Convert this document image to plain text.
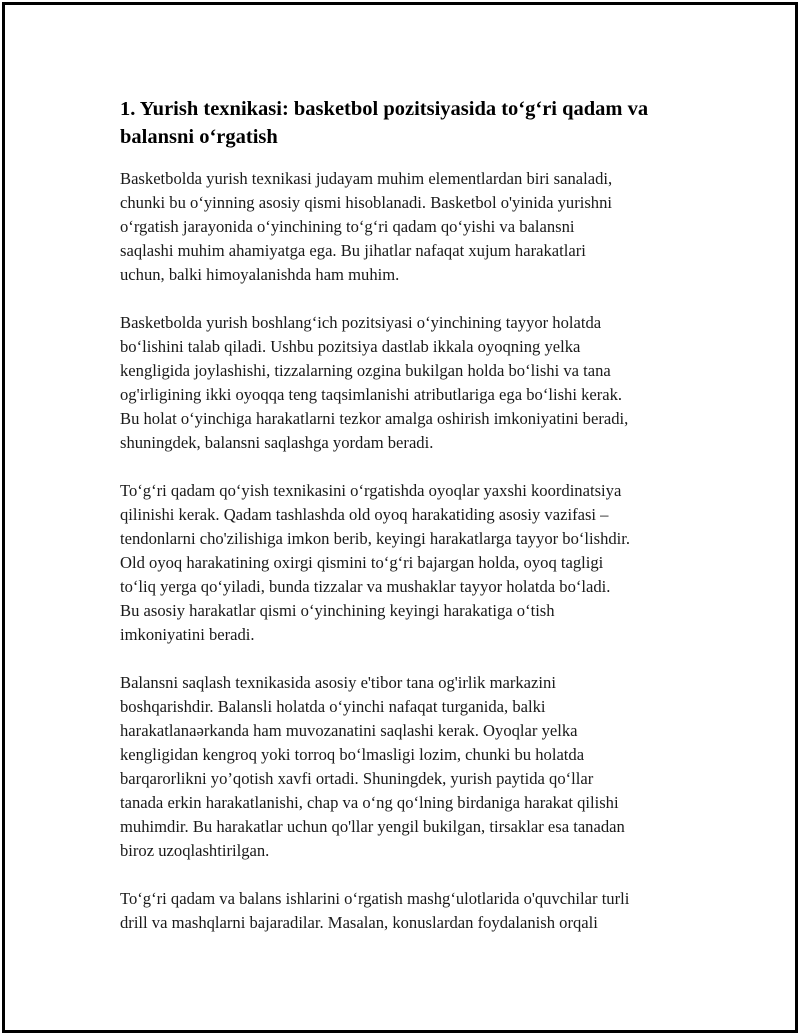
1. Yurish texnikasi: basketbol pozitsiyasida to‘g‘ri qadam va
balansni o‘rgatish

Basketbolda yurish texnikasi judayam muhim elementlardan biri sanaladi,
chunki bu o‘yinning asosiy qismi hisoblanadi. Basketbol o'yinida yurishni
o‘rgatish jarayonida o‘yinchining to‘g‘ri qadam qo‘yishi va balansni
saqlashi muhim ahamiyatga ega. Bu jihatlar nafaqat xujum harakatlari
uchun, balki himoyalanishda ham muhim.

Basketbolda yurish boshlang‘ich pozitsiyasi o‘yinchining tayyor holatda
bo‘lishini talab qiladi. Ushbu pozitsiya dastlab ikkala oyoqning yelka
kengligida joylashishi, tizzalarning ozgina bukilgan holda bo‘lishi va tana
og'irligining ikki oyoqqa teng taqsimlanishi atributlariga ega bo‘lishi kerak.
Bu holat o‘yinchiga harakatlarni tezkor amalga oshirish imkoniyatini beradi,
shuningdek, balansni saqlashga yordam beradi.

To‘g‘ri qadam qo‘yish texnikasini o‘rgatishda oyoqlar yaxshi koordinatsiya
qilinishi kerak. Qadam tashlashda old oyoq harakatiding asosiy vazifasi –
tendonlarni cho'zilishiga imkon berib, keyingi harakatlarga tayyor bo‘lishdir.
Old oyoq harakatining oxirgi qismini to‘g‘ri bajargan holda, oyoq tagligi
to‘liq yerga qo‘yiladi, bunda tizzalar va mushaklar tayyor holatda bo‘ladi.
Bu asosiy harakatlar qismi o‘yinchining keyingi harakatiga o‘tish
imkoniyatini beradi.

Balansni saqlash texnikasida asosiy e'tibor tana og'irlik markazini
boshqarishdir. Balansli holatda o‘yinchi nafaqat turganida, balki
harakatlanaərkanda ham muvozanatini saqlashi kerak. Oyoqlar yelka
kengligidan kengroq yoki torroq bo‘lmasligi lozim, chunki bu holatda
barqarorlikni yo’qotish xavfi ortadi. Shuningdek, yurish paytida qo‘llar
tanada erkin harakatlanishi, chap va o‘ng qo‘lning birdaniga harakat qilishi
muhimdir. Bu harakatlar uchun qo'llar yengil bukilgan, tirsaklar esa tanadan
biroz uzoqlashtirilgan.

To‘g‘ri qadam va balans ishlarini o‘rgatish mashg‘ulotlarida o'quvchilar turli
drill va mashqlarni bajaradilar. Masalan, konuslardan foydalanish orqali
